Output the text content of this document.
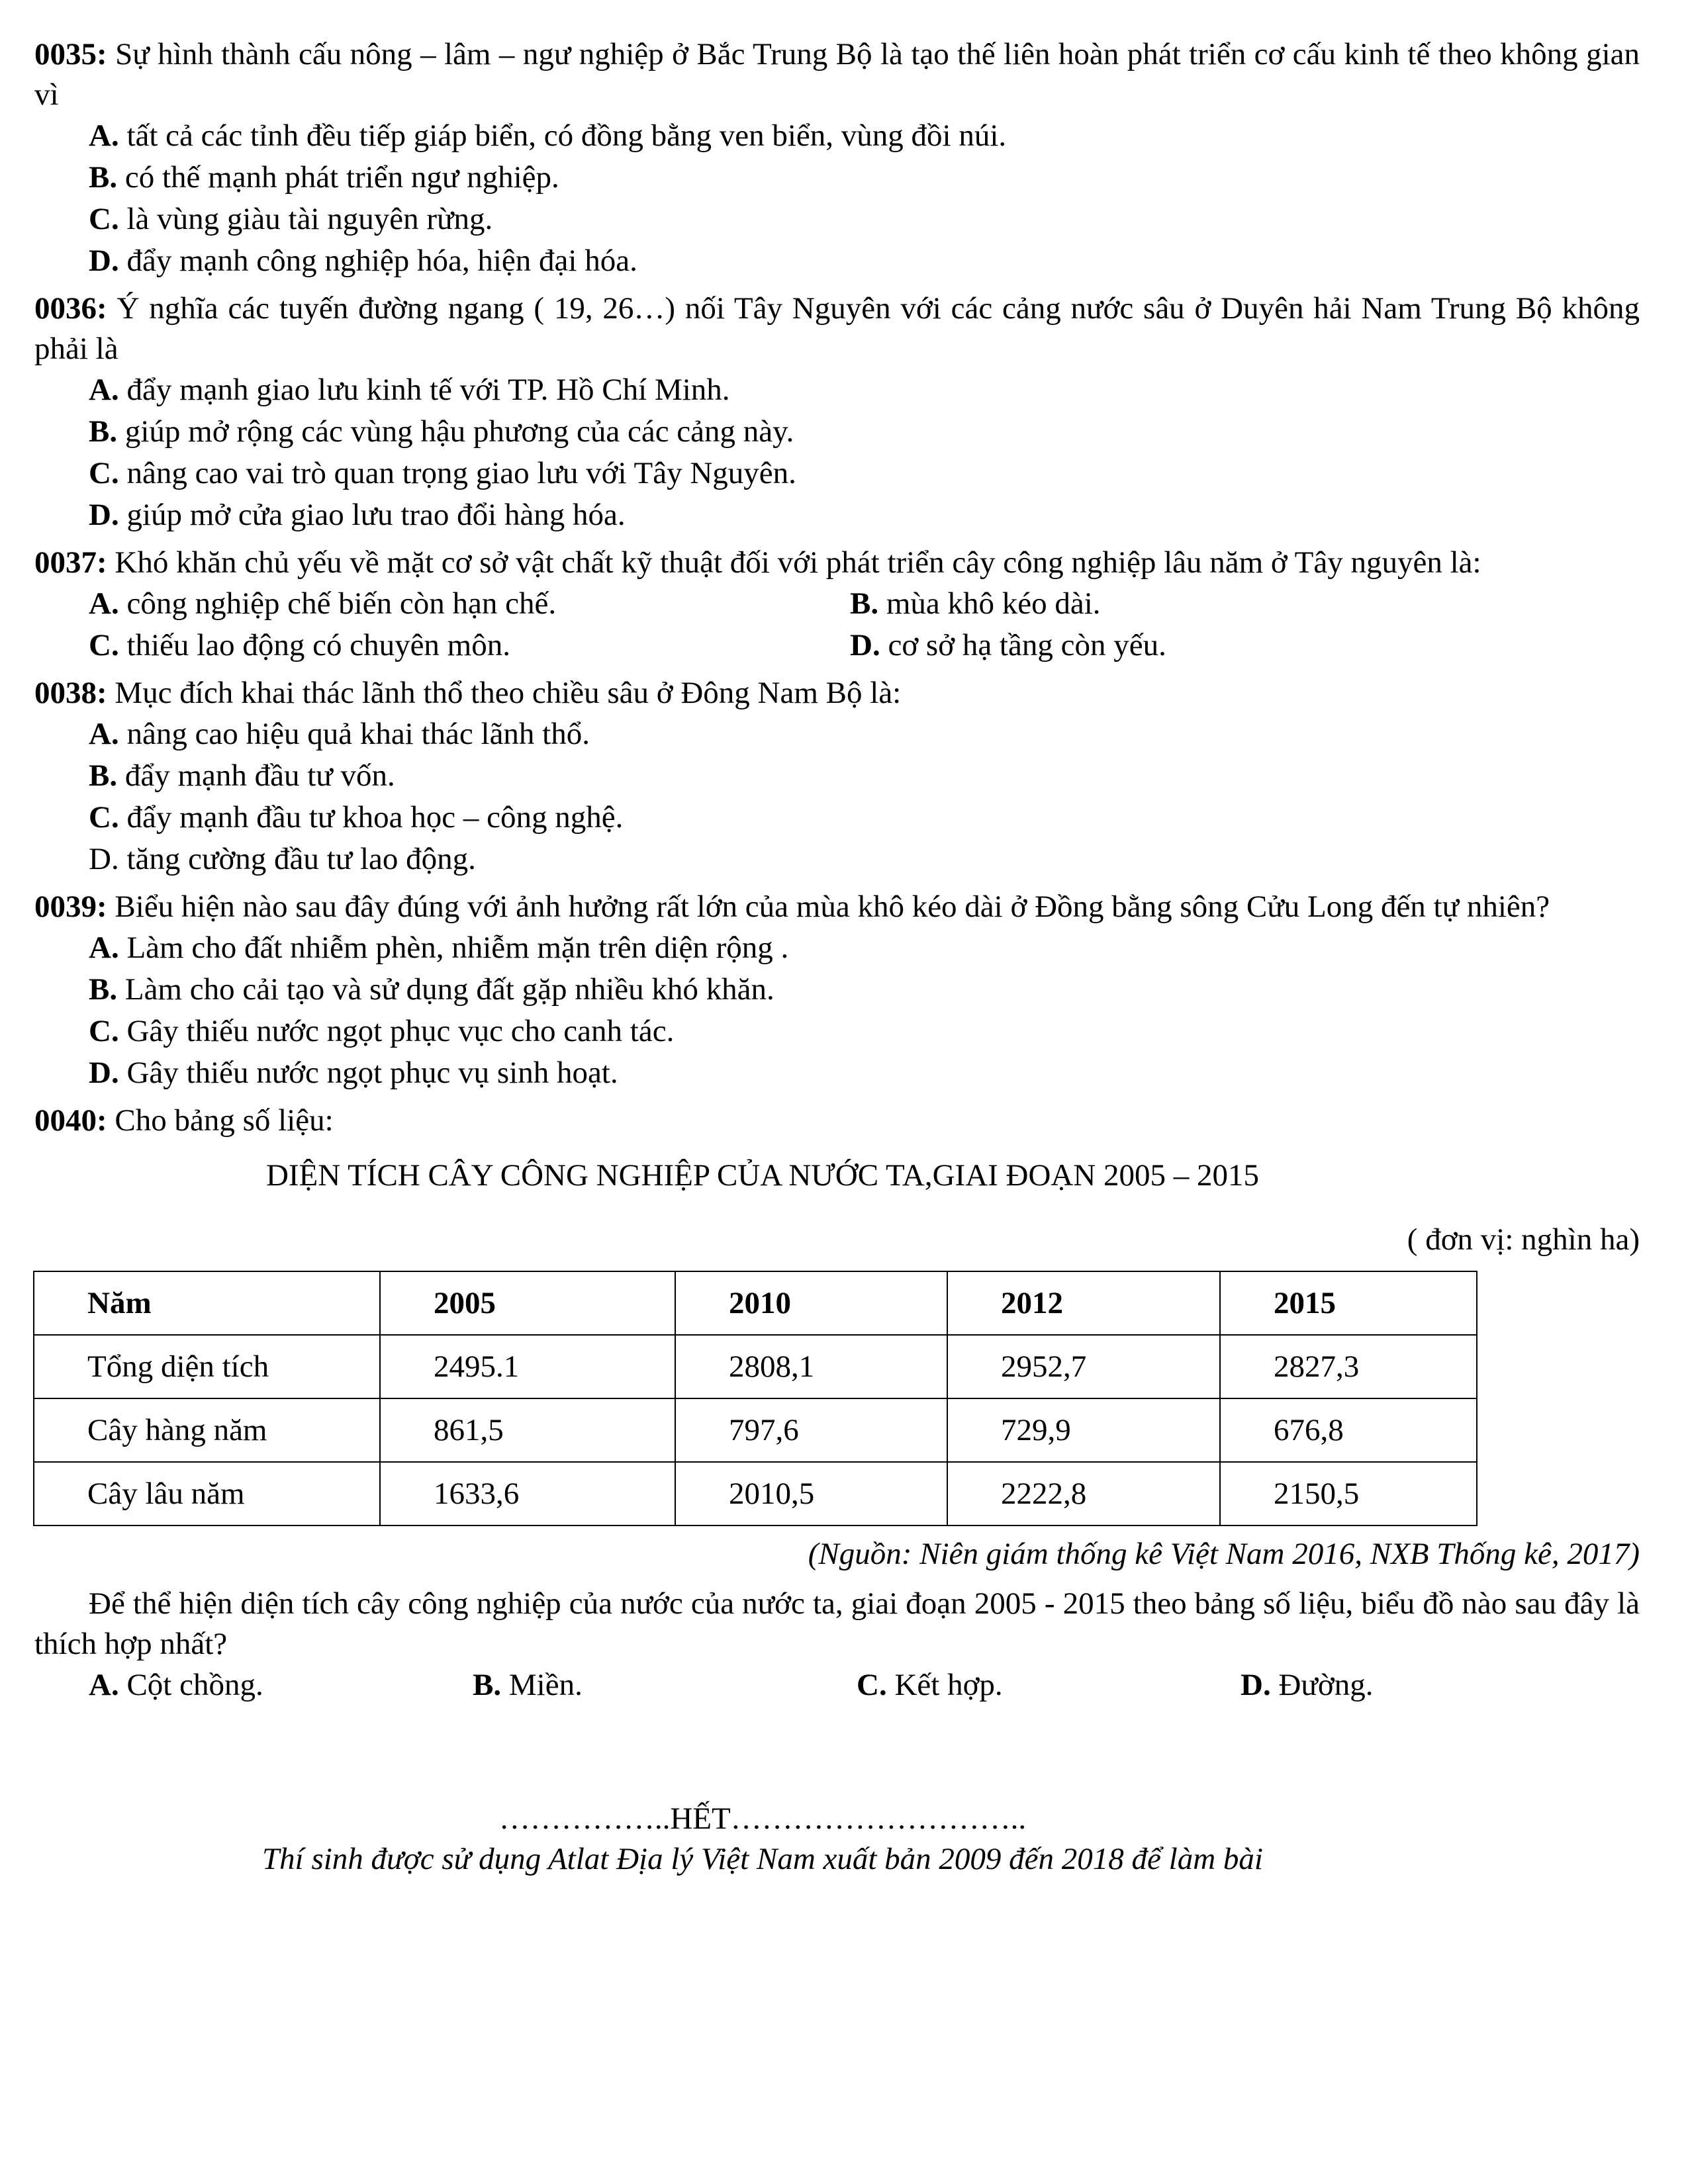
0035: Sự hình thành cấu nông – lâm – ngư nghiệp ở Bắc Trung Bộ là tạo thế liên hoàn phát triển cơ cấu kinh tế theo không gian vì
A. tất cả các tỉnh đều tiếp giáp biển, có đồng bằng ven biển, vùng đồi núi.
B. có thế mạnh phát triển ngư nghiệp.
C. là vùng giàu tài nguyên rừng.
D. đẩy mạnh công nghiệp hóa, hiện đại hóa.
0036: Ý nghĩa các tuyến đường ngang ( 19, 26…) nối Tây Nguyên với các cảng nước sâu ở Duyên hải Nam Trung Bộ không phải là
A. đẩy mạnh giao lưu kinh tế với TP. Hồ Chí Minh.
B. giúp mở rộng các vùng hậu phương của các cảng này.
C. nâng cao vai trò quan trọng giao lưu với Tây Nguyên.
D. giúp mở cửa giao lưu trao đổi hàng hóa.
0037: Khó khăn chủ yếu về mặt cơ sở vật chất kỹ thuật đối với phát triển cây công nghiệp lâu năm ở Tây nguyên là:
A. công nghiệp chế biến còn hạn chế.	B. mùa khô kéo dài.
C. thiếu lao động có chuyên môn.	D. cơ sở hạ tầng còn yếu.
0038: Mục đích khai thác lãnh thổ theo chiều sâu ở Đông Nam Bộ là:
A. nâng cao hiệu quả khai thác lãnh thổ.
B. đẩy mạnh đầu tư vốn.
C. đẩy mạnh đầu tư khoa học – công nghệ.
D. tăng cường đầu tư lao động.
0039: Biểu hiện nào sau đây đúng với ảnh hưởng rất lớn của mùa khô kéo dài ở Đồng bằng sông Cửu Long đến tự nhiên?
A. Làm cho đất nhiễm phèn, nhiễm mặn trên diện rộng .
B. Làm cho cải tạo và sử dụng đất gặp nhiều khó khăn.
C. Gây thiếu nước ngọt phục vục cho canh tác.
D. Gây thiếu nước ngọt phục vụ sinh hoạt.
0040: Cho bảng số liệu:
DIỆN TÍCH CÂY CÔNG NGHIỆP CỦA NƯỚC TA,GIAI ĐOẠN 2005 – 2015
( đơn vị: nghìn ha)
Năm	2005	2010	2012	2015
Tổng diện tích	2495.1	2808,1	2952,7	2827,3
Cây hàng năm	861,5	797,6	729,9	676,8
Cây lâu năm	1633,6	2010,5	2222,8	2150,5
(Nguồn: Niên giám thống kê Việt Nam 2016, NXB Thống kê, 2017)
Để thể hiện diện tích cây công nghiệp của nước của nước ta, giai đoạn 2005 - 2015 theo bảng số liệu, biểu đồ nào sau đây là thích hợp nhất?
A. Cột chồng.	B. Miền.	C. Kết hợp.	D. Đường.
……………..HẾT………………………..
Thí sinh được sử dụng Atlat Địa lý Việt Nam xuất bản 2009 đến 2018 để làm bài
